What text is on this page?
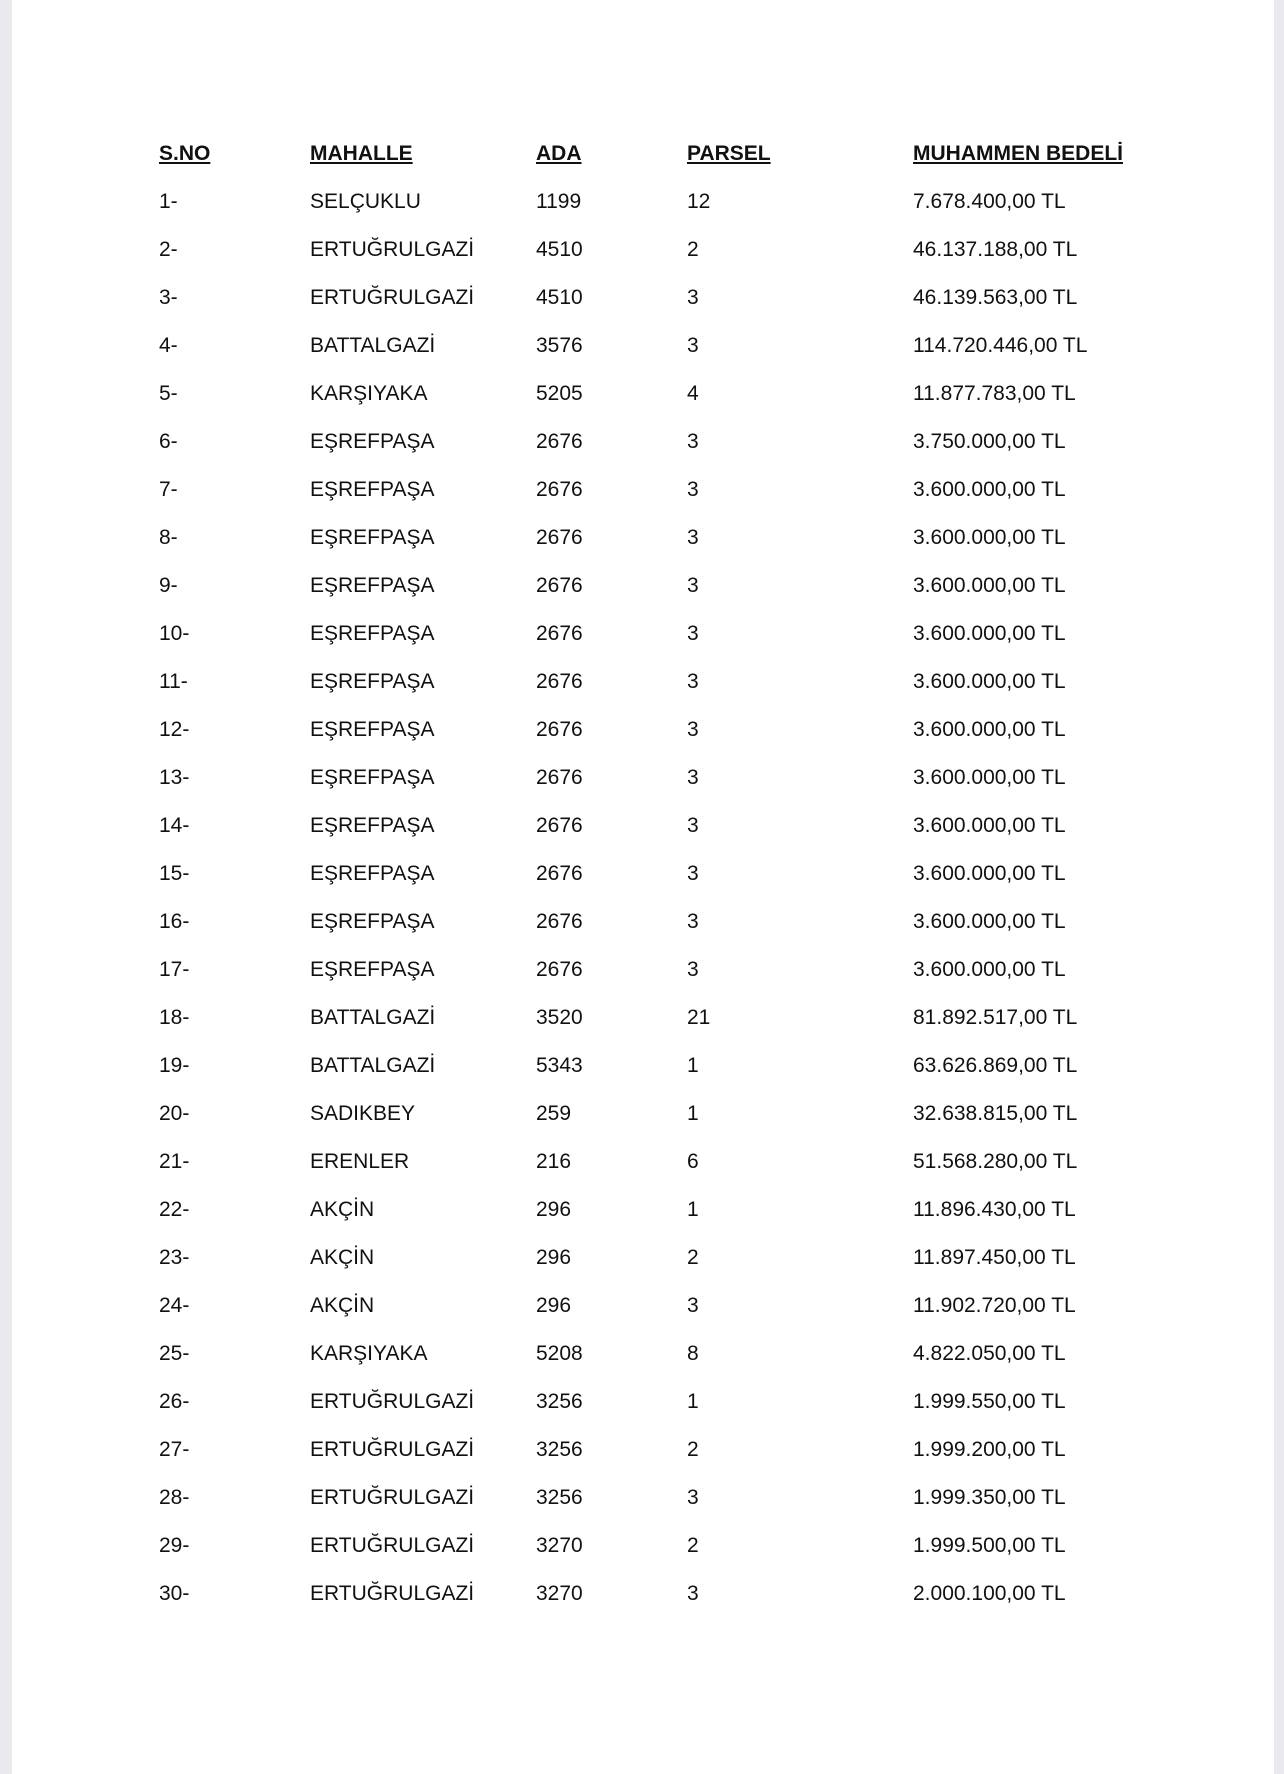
S.NO	MAHALLE	ADA	PARSEL	MUHAMMEN BEDELİ
1-	SELÇUKLU	1199	12	7.678.400,00 TL
2-	ERTUĞRULGAZİ	4510	2	46.137.188,00 TL
3-	ERTUĞRULGAZİ	4510	3	46.139.563,00 TL
4-	BATTALGAZİ	3576	3	114.720.446,00 TL
5-	KARŞIYAKA	5205	4	11.877.783,00 TL
6-	EŞREFPAŞA	2676	3	3.750.000,00 TL
7-	EŞREFPAŞA	2676	3	3.600.000,00 TL
8-	EŞREFPAŞA	2676	3	3.600.000,00 TL
9-	EŞREFPAŞA	2676	3	3.600.000,00 TL
10-	EŞREFPAŞA	2676	3	3.600.000,00 TL
11-	EŞREFPAŞA	2676	3	3.600.000,00 TL
12-	EŞREFPAŞA	2676	3	3.600.000,00 TL
13-	EŞREFPAŞA	2676	3	3.600.000,00 TL
14-	EŞREFPAŞA	2676	3	3.600.000,00 TL
15-	EŞREFPAŞA	2676	3	3.600.000,00 TL
16-	EŞREFPAŞA	2676	3	3.600.000,00 TL
17-	EŞREFPAŞA	2676	3	3.600.000,00 TL
18-	BATTALGAZİ	3520	21	81.892.517,00 TL
19-	BATTALGAZİ	5343	1	63.626.869,00 TL
20-	SADIKBEY	259	1	32.638.815,00 TL
21-	ERENLER	216	6	51.568.280,00 TL
22-	AKÇİN	296	1	11.896.430,00 TL
23-	AKÇİN	296	2	11.897.450,00 TL
24-	AKÇİN	296	3	11.902.720,00 TL
25-	KARŞIYAKA	5208	8	4.822.050,00 TL
26-	ERTUĞRULGAZİ	3256	1	1.999.550,00 TL
27-	ERTUĞRULGAZİ	3256	2	1.999.200,00 TL
28-	ERTUĞRULGAZİ	3256	3	1.999.350,00 TL
29-	ERTUĞRULGAZİ	3270	2	1.999.500,00 TL
30-	ERTUĞRULGAZİ	3270	3	2.000.100,00 TL
